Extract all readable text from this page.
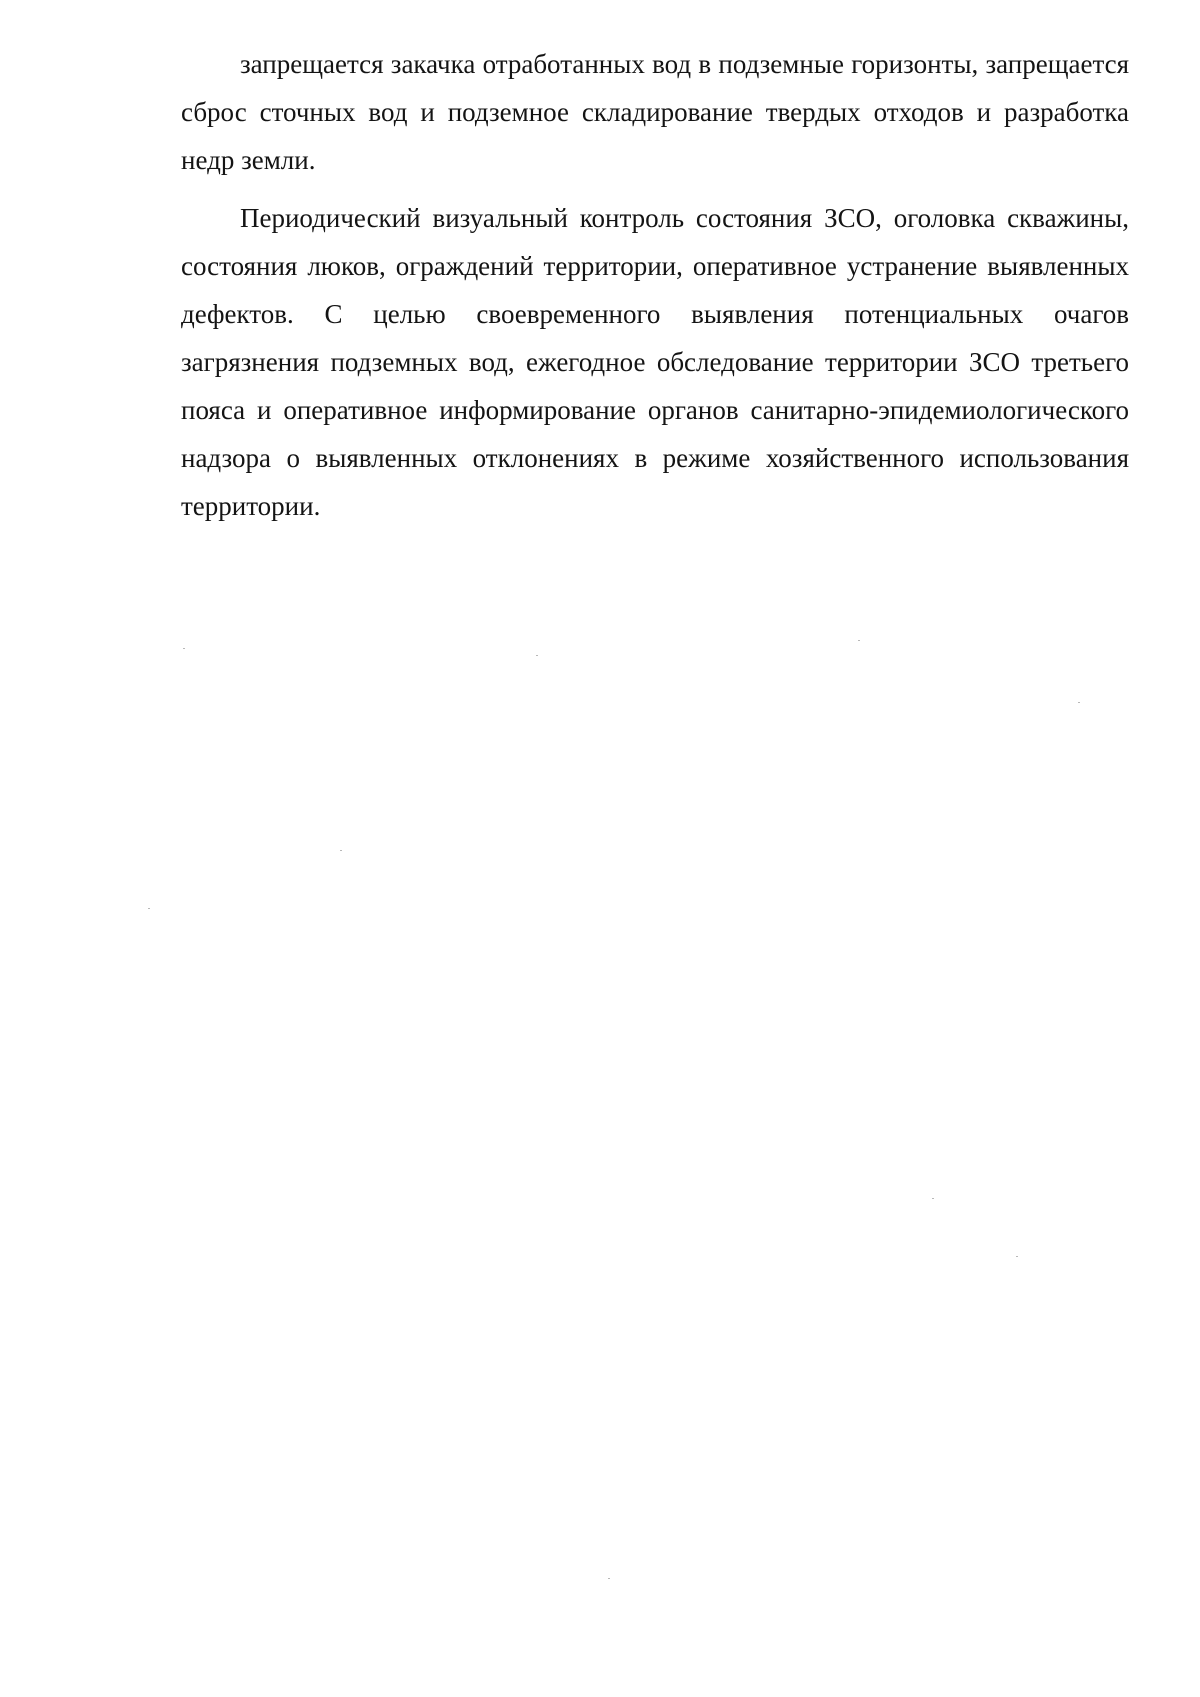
запрещается закачка отработанных вод в подземные горизонты, запрещается сброс сточных вод и подземное складирование твердых отходов и разработка недр земли.

Периодический визуальный контроль состояния ЗСО, оголовка скважины, состояния люков, ограждений территории, оперативное устранение выявленных дефектов. С целью своевременного выявления потенциальных очагов загрязнения подземных вод, ежегодное обследование территории ЗСО третьего пояса и оперативное информирование органов санитарно-эпидемиологического надзора о выявленных отклонениях в режиме хозяйственного использования территории.
